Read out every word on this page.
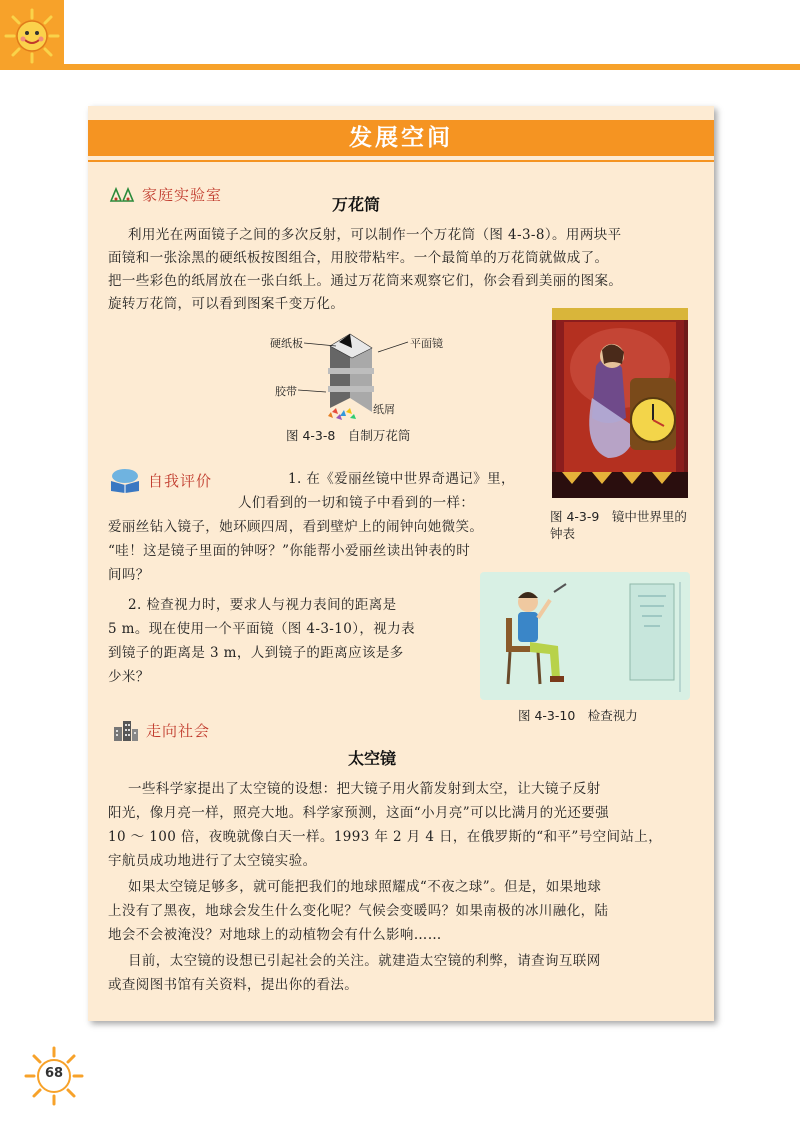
发展空间
家庭实验室
万花筒

利用光在两面镜子之间的多次反射，可以制作一个万花筒（图 4-3-8）。用两块平

面镜和一张涂黑的硬纸板按图组合，用胶带粘牢。一个最简单的万花筒就做成了。

把一些彩色的纸屑放在一张白纸上。通过万花筒来观察它们，你会看到美丽的图案。

旋转万花筒，可以看到图案千变万化。

硬纸板	平面镜
胶带
纸屑
图 4-3-8　自制万花筒
图 4-3-9　镜中世界里的
钟表
自我评价	1. 在《爱丽丝镜中世界奇遇记》里，

人们看到的一切和镜子中看到的一样：

爱丽丝钻入镜子，她环顾四周，看到壁炉上的闹钟向她微笑。

“哇！这是镜子里面的钟呀？”你能帮小爱丽丝读出钟表的时

间吗？

2. 检查视力时，要求人与视力表间的距离是

5 m。现在使用一个平面镜（图 4-3-10），视力表

到镜子的距离是 3 m，人到镜子的距离应该是多

少米？

图 4-3-10　检查视力
走向社会
太空镜

一些科学家提出了太空镜的设想：把大镜子用火箭发射到太空，让大镜子反射

阳光，像月亮一样，照亮大地。科学家预测，这面“小月亮”可以比满月的光还要强

10 ～ 100 倍，夜晚就像白天一样。1993 年 2 月 4 日，在俄罗斯的“和平”号空间站上，

宇航员成功地进行了太空镜实验。

如果太空镜足够多，就可能把我们的地球照耀成“不夜之球”。但是，如果地球

上没有了黑夜，地球会发生什么变化呢？气候会变暖吗？如果南极的冰川融化，陆

地会不会被淹没？对地球上的动植物会有什么影响……

目前，太空镜的设想已引起社会的关注。就建造太空镜的利弊，请查询互联网

或查阅图书馆有关资料，提出你的看法。

68
